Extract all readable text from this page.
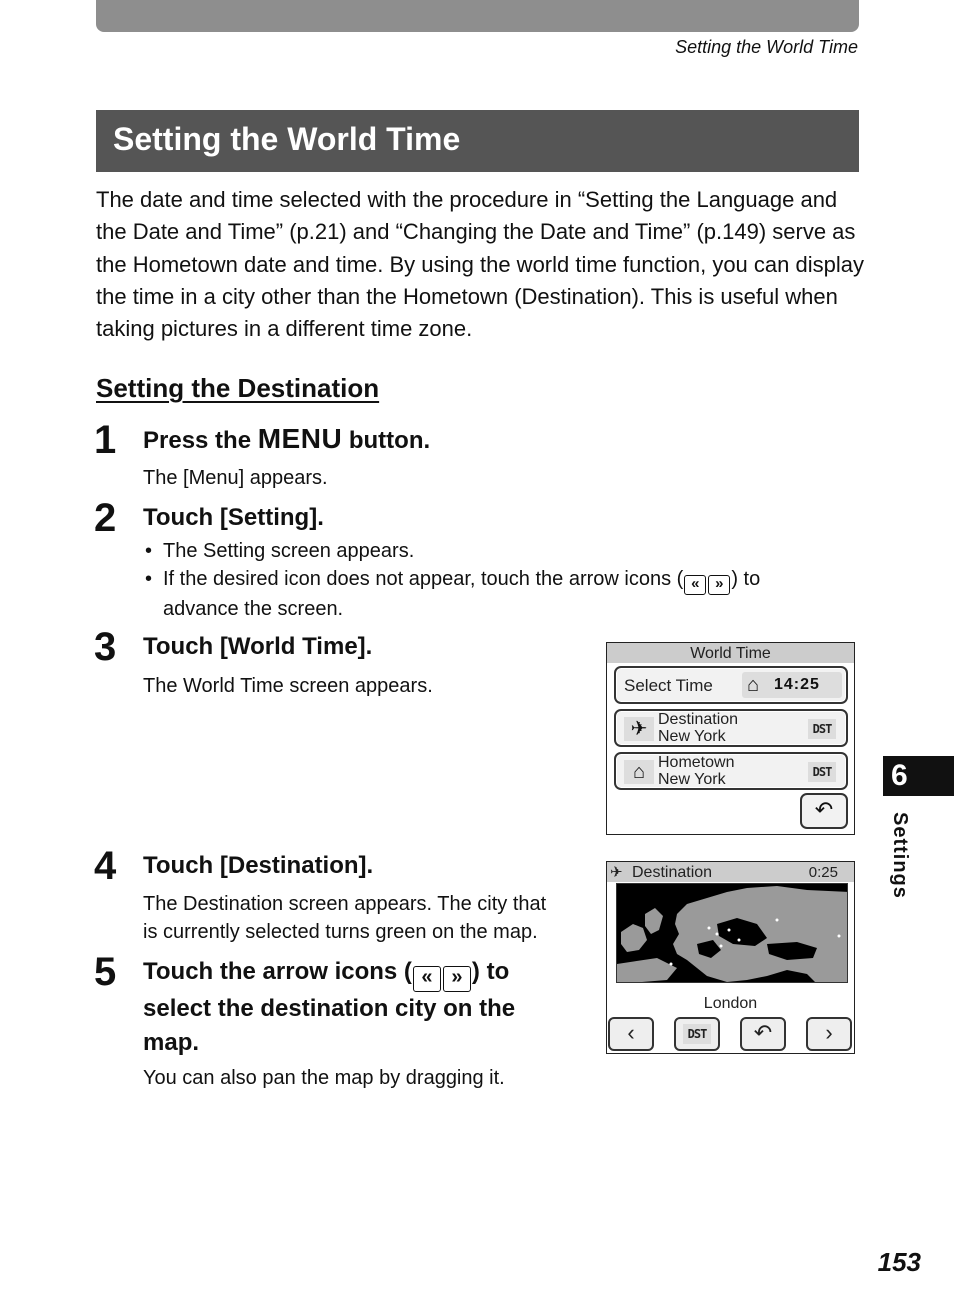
Setting the World Time
Setting the World Time

The date and time selected with the procedure in “Setting the Language and the Date and Time” (p.21) and “Changing the Date and Time” (p.149) serve as the Hometown date and time. By using the world time function, you can display the time in a city other than the Hometown (Destination). This is useful when taking pictures in a different time zone.

Setting the Destination
1 Press the MENU button.
The [Menu] appears.
2 Touch [Setting].
• The Setting screen appears.
• If the desired icon does not appear, touch the arrow icons ( « » ) to
advance the screen.
3 Touch [World Time].
The World Time screen appears.
World Time
Select Time ⌂ 14:25
✈ Destination
New York	DST
⌂ Hometown
New York	DST
↶
4 Touch [Destination].
The Destination screen appears. The city that
is currently selected turns green on the map.
✈ Destination	0:25
London
‹	DST	↶	›
5 Touch the arrow icons ( « » ) to
select the destination city on the
map.
You can also pan the map by dragging it.
6
Settings
153
